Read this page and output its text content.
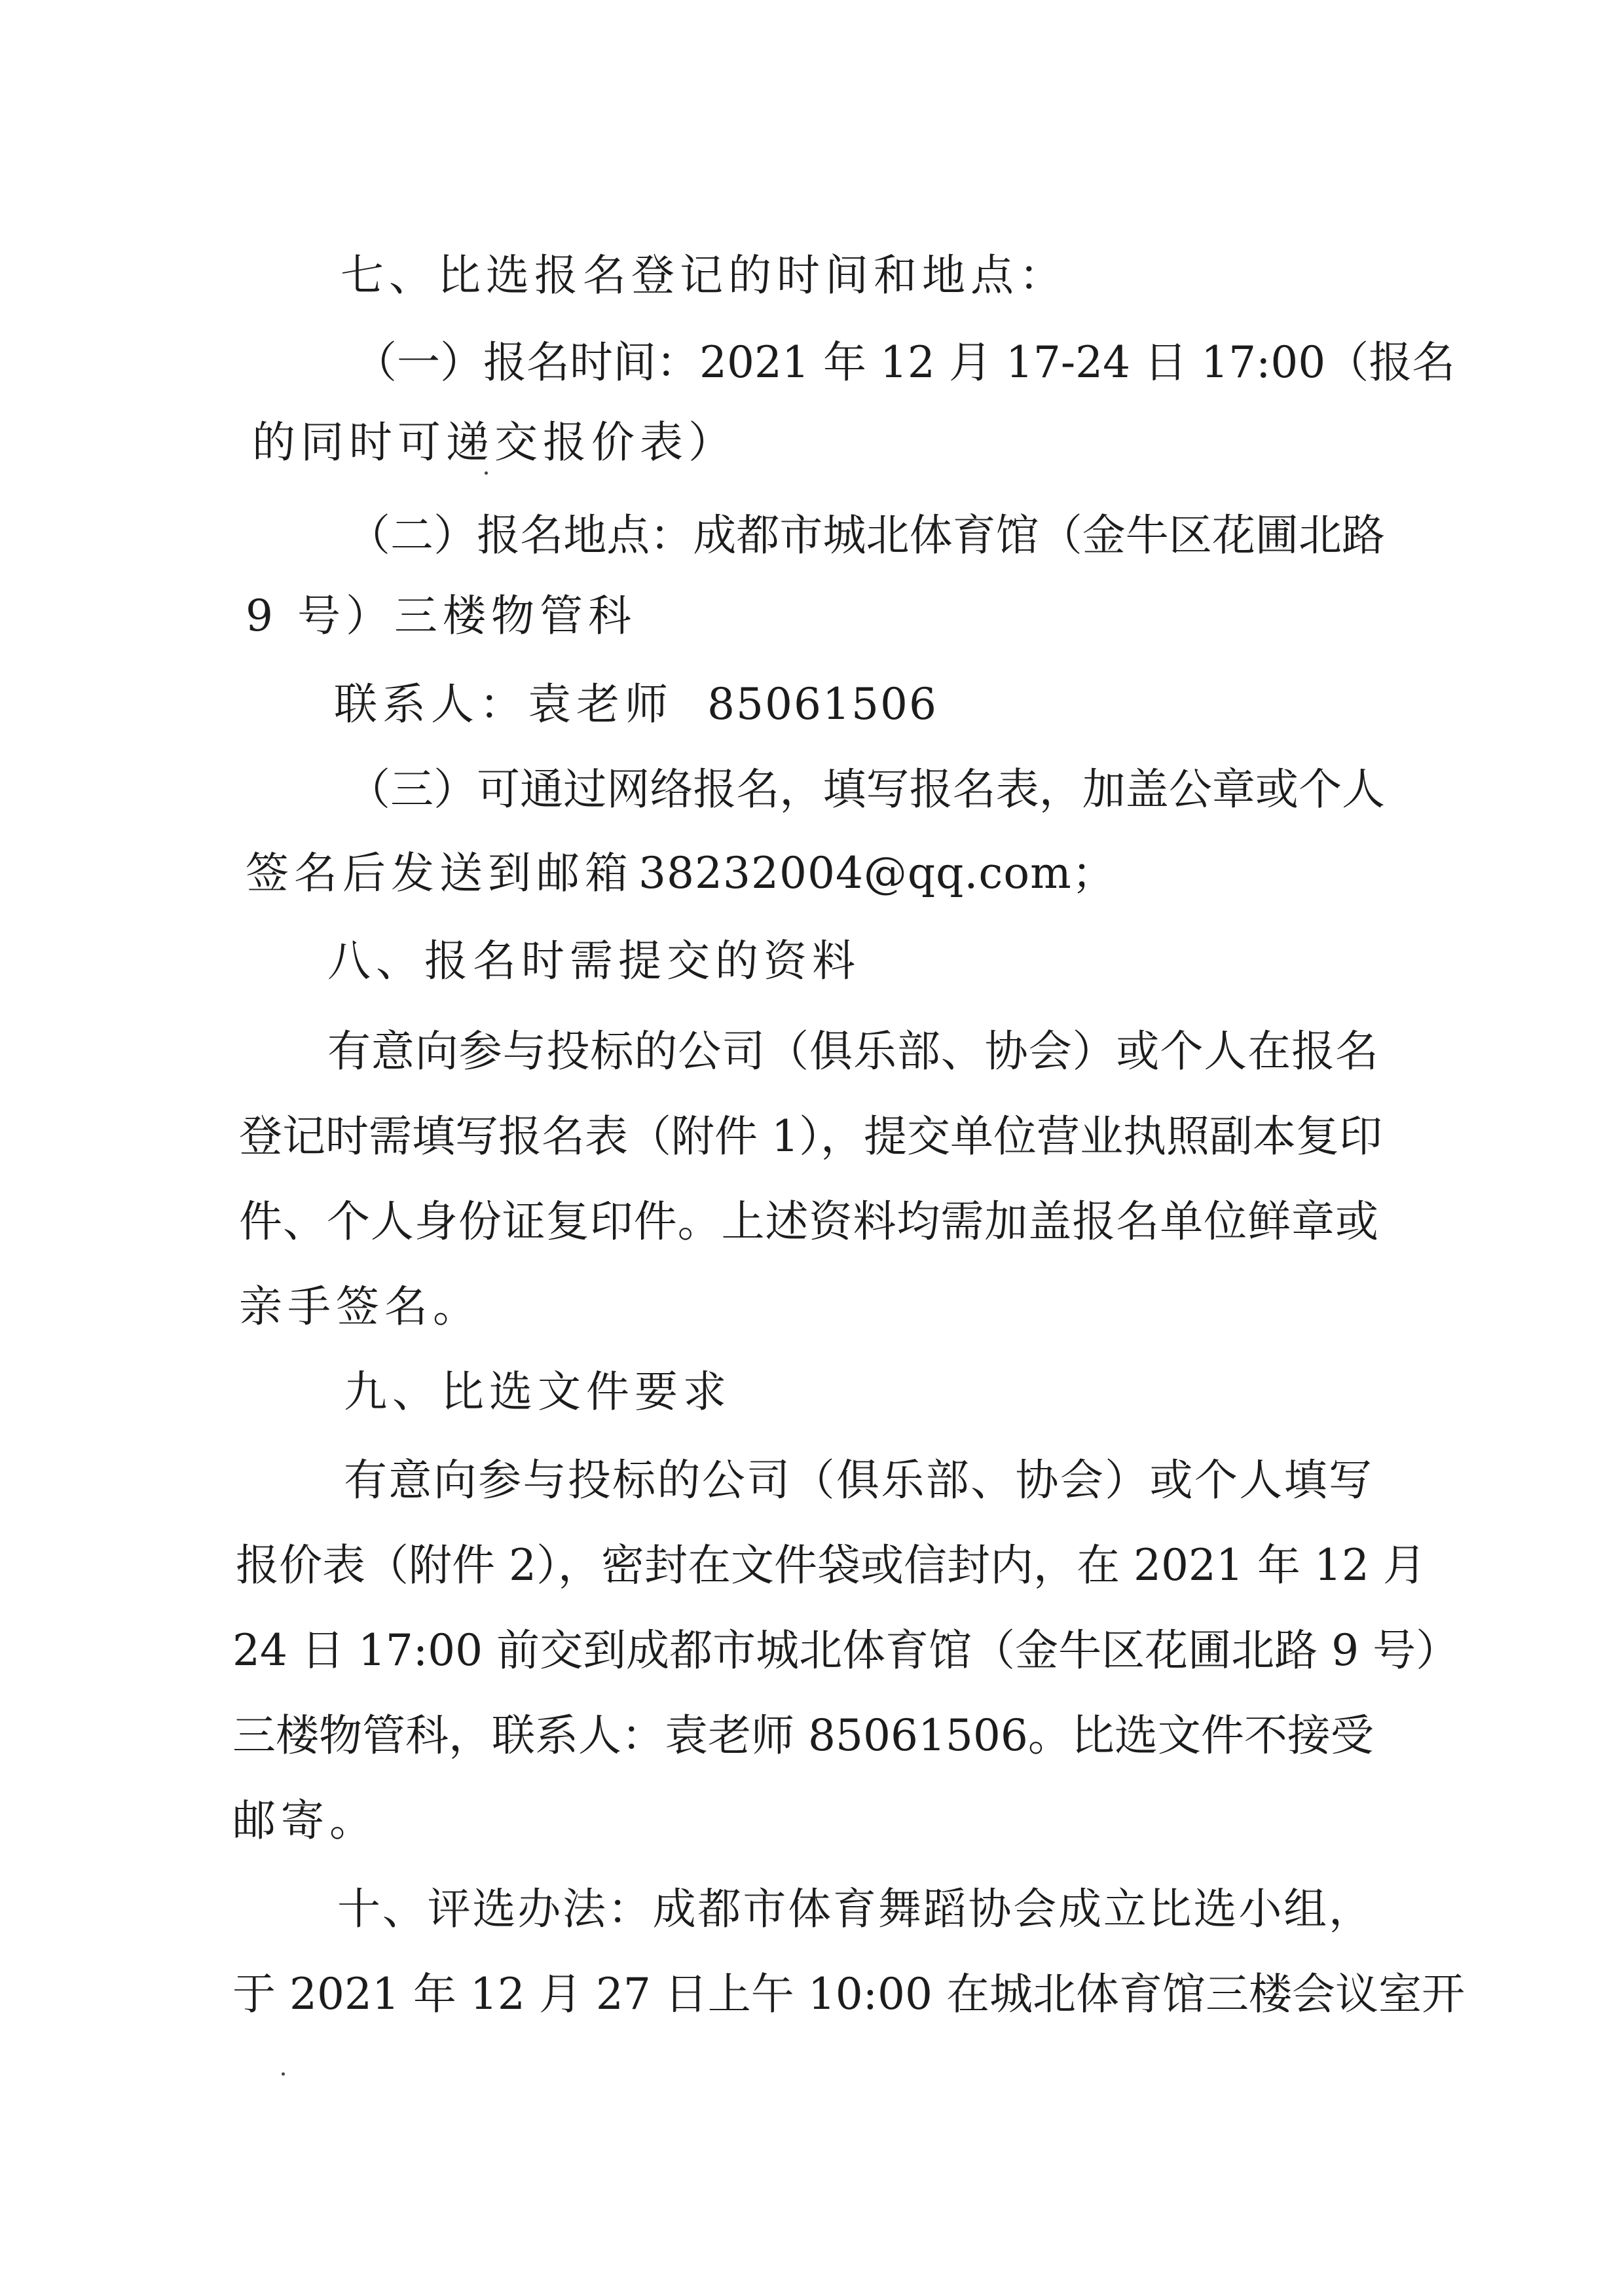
七、比选报名登记的时间和地点：
（一）报名时间：2021 年 12 月 17-24 日 17:00（报名
的同时可递交报价表）
（二）报名地点：成都市城北体育馆（金牛区花圃北路
9 号）三楼物管科
联系人：袁老师 85061506
（三）可通过网络报名，填写报名表，加盖公章或个人
签名后发送到邮箱 38232004@qq.com；
八、报名时需提交的资料
有意向参与投标的公司（俱乐部、协会）或个人在报名
登记时需填写报名表（附件 1），提交单位营业执照副本复印
件、个人身份证复印件。上述资料均需加盖报名单位鲜章或
亲手签名。
九、比选文件要求
有意向参与投标的公司（俱乐部、协会）或个人填写
报价表（附件 2），密封在文件袋或信封内，在 2021 年 12 月
24 日 17:00 前交到成都市城北体育馆（金牛区花圃北路 9 号）
三楼物管科，联系人：袁老师 85061506。比选文件不接受
邮寄。
十、评选办法：成都市体育舞蹈协会成立比选小组，
于 2021 年 12 月 27 日上午 10:00 在城北体育馆三楼会议室开
